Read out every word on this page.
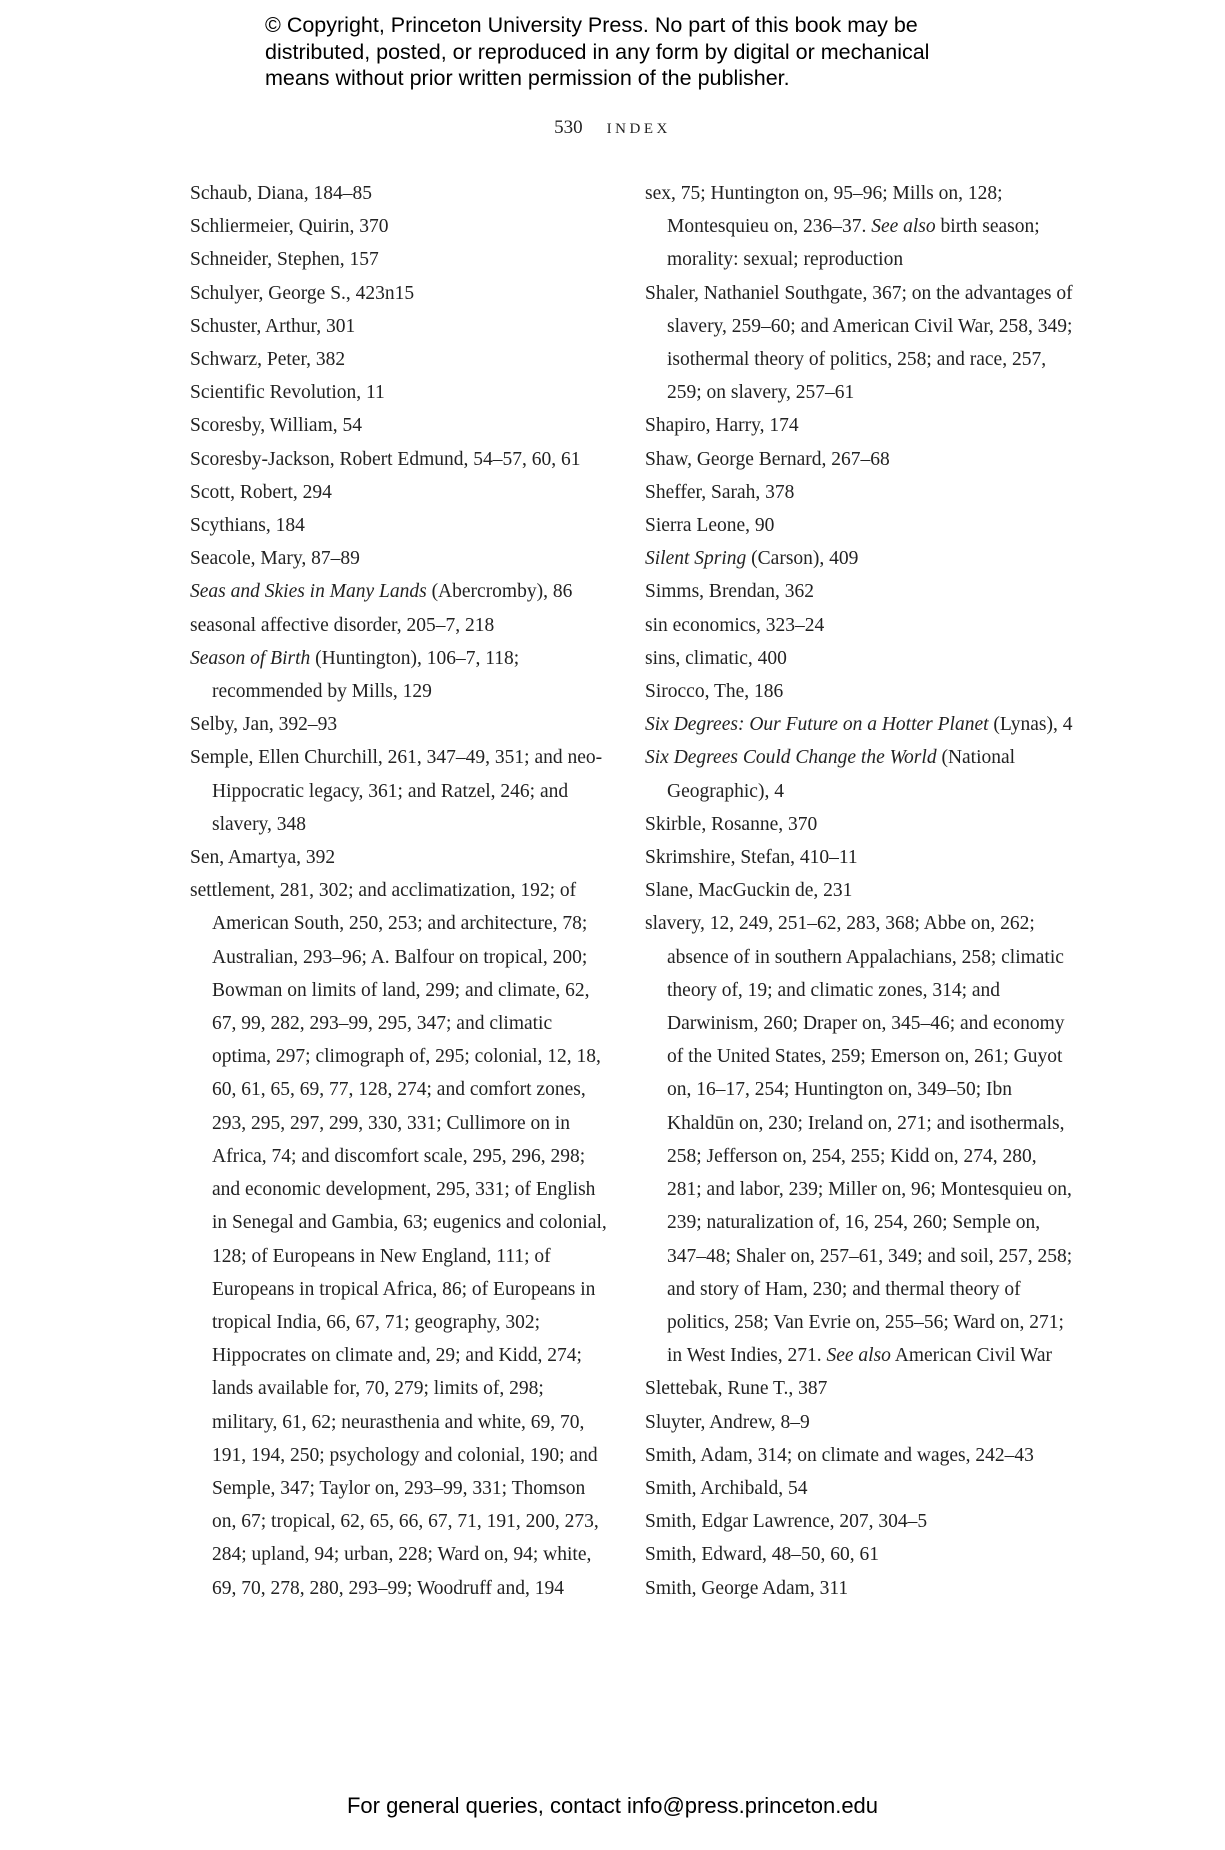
© Copyright, Princeton University Press. No part of this book may be
distributed, posted, or reproduced in any form by digital or mechanical
means without prior written permission of the publisher.
530 index
Schaub, Diana, 184–85
Schliermeier, Quirin, 370
Schneider, Stephen, 157
Schulyer, George S., 423n15
Schuster, Arthur, 301
Schwarz, Peter, 382
Scientific Revolution, 11
Scoresby, William, 54
Scoresby-Jackson, Robert Edmund, 54–57, 60, 61
Scott, Robert, 294
Scythians, 184
Seacole, Mary, 87–89
Seas and Skies in Many Lands (Abercromby), 86
seasonal affective disorder, 205–7, 218
Season of Birth (Huntington), 106–7, 118; recommended by Mills, 129
Selby, Jan, 392–93
Semple, Ellen Churchill, 261, 347–49, 351; and neo-Hippocratic legacy, 361; and Ratzel, 246; and slavery, 348
Sen, Amartya, 392
settlement, 281, 302; and acclimatization, 192; of American South, 250, 253; and architecture, 78; Australian, 293–96; A. Balfour on tropical, 200; Bowman on limits of land, 299; and climate, 62, 67, 99, 282, 293–99, 295, 347; and climatic optima, 297; climograph of, 295; colonial, 12, 18, 60, 61, 65, 69, 77, 128, 274; and comfort zones, 293, 295, 297, 299, 330, 331; Cullimore on in Africa, 74; and discomfort scale, 295, 296, 298; and economic development, 295, 331; of English in Senegal and Gambia, 63; eugenics and colonial, 128; of Europeans in New England, 111; of Europeans in tropical Africa, 86; of Europeans in tropical India, 66, 67, 71; geography, 302; Hippocrates on climate and, 29; and Kidd, 274; lands available for, 70, 279; limits of, 298; military, 61, 62; neurasthenia and white, 69, 70, 191, 194, 250; psychology and colonial, 190; and Semple, 347; Taylor on, 293–99, 331; Thomson on, 67; tropical, 62, 65, 66, 67, 71, 191, 200, 273, 284; upland, 94; urban, 228; Ward on, 94; white, 69, 70, 278, 280, 293–99; Woodruff and, 194
sex, 75; Huntington on, 95–96; Mills on, 128; Montesquieu on, 236–37. See also birth season; morality: sexual; reproduction
Shaler, Nathaniel Southgate, 367; on the advantages of slavery, 259–60; and American Civil War, 258, 349; isothermal theory of politics, 258; and race, 257, 259; on slavery, 257–61
Shapiro, Harry, 174
Shaw, George Bernard, 267–68
Sheffer, Sarah, 378
Sierra Leone, 90
Silent Spring (Carson), 409
Simms, Brendan, 362
sin economics, 323–24
sins, climatic, 400
Sirocco, The, 186
Six Degrees: Our Future on a Hotter Planet (Lynas), 4
Six Degrees Could Change the World (National Geographic), 4
Skirble, Rosanne, 370
Skrimshire, Stefan, 410–11
Slane, MacGuckin de, 231
slavery, 12, 249, 251–62, 283, 368; Abbe on, 262; absence of in southern Appalachians, 258; climatic theory of, 19; and climatic zones, 314; and Darwinism, 260; Draper on, 345–46; and economy of the United States, 259; Emerson on, 261; Guyot on, 16–17, 254; Huntington on, 349–50; Ibn Khaldūn on, 230; Ireland on, 271; and isothermals, 258; Jefferson on, 254, 255; Kidd on, 274, 280, 281; and labor, 239; Miller on, 96; Montesquieu on, 239; naturalization of, 16, 254, 260; Semple on, 347–48; Shaler on, 257–61, 349; and soil, 257, 258; and story of Ham, 230; and thermal theory of politics, 258; Van Evrie on, 255–56; Ward on, 271; in West Indies, 271. See also American Civil War
Slettebak, Rune T., 387
Sluyter, Andrew, 8–9
Smith, Adam, 314; on climate and wages, 242–43
Smith, Archibald, 54
Smith, Edgar Lawrence, 207, 304–5
Smith, Edward, 48–50, 60, 61
Smith, George Adam, 311
For general queries, contact info@press.princeton.edu
